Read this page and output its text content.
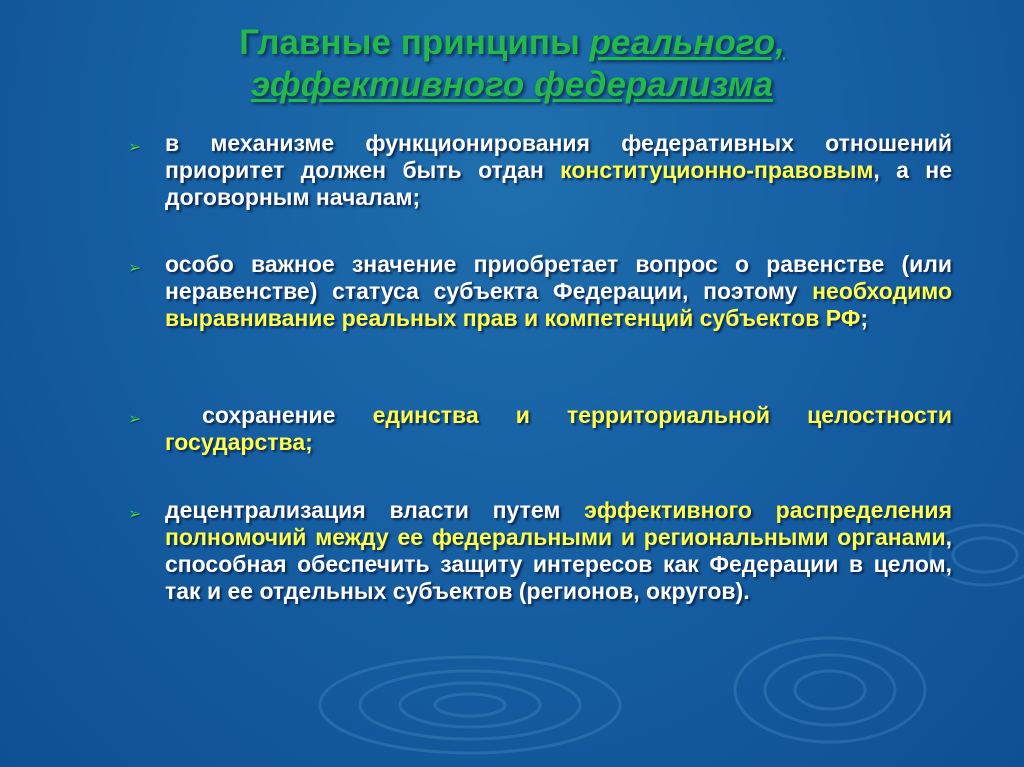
Главные принципы реального,
эффективного федерализма
➢ в механизме функционирования федеративных отношений приоритет должен быть отдан конституционно-правовым, а не договорным началам;
➢ особо важное значение приобретает вопрос о равенстве (или неравенстве) статуса субъекта Федерации, поэтому необходимо выравнивание реальных прав и компетенций субъектов РФ;
➢ сохранение единства и территориальной целостности государства;
➢ децентрализация власти путем эффективного распределения полномочий между ее федеральными и региональными органами, способная обеспечить защиту интересов как Федерации в целом, так и ее отдельных субъектов (регионов, округов).
